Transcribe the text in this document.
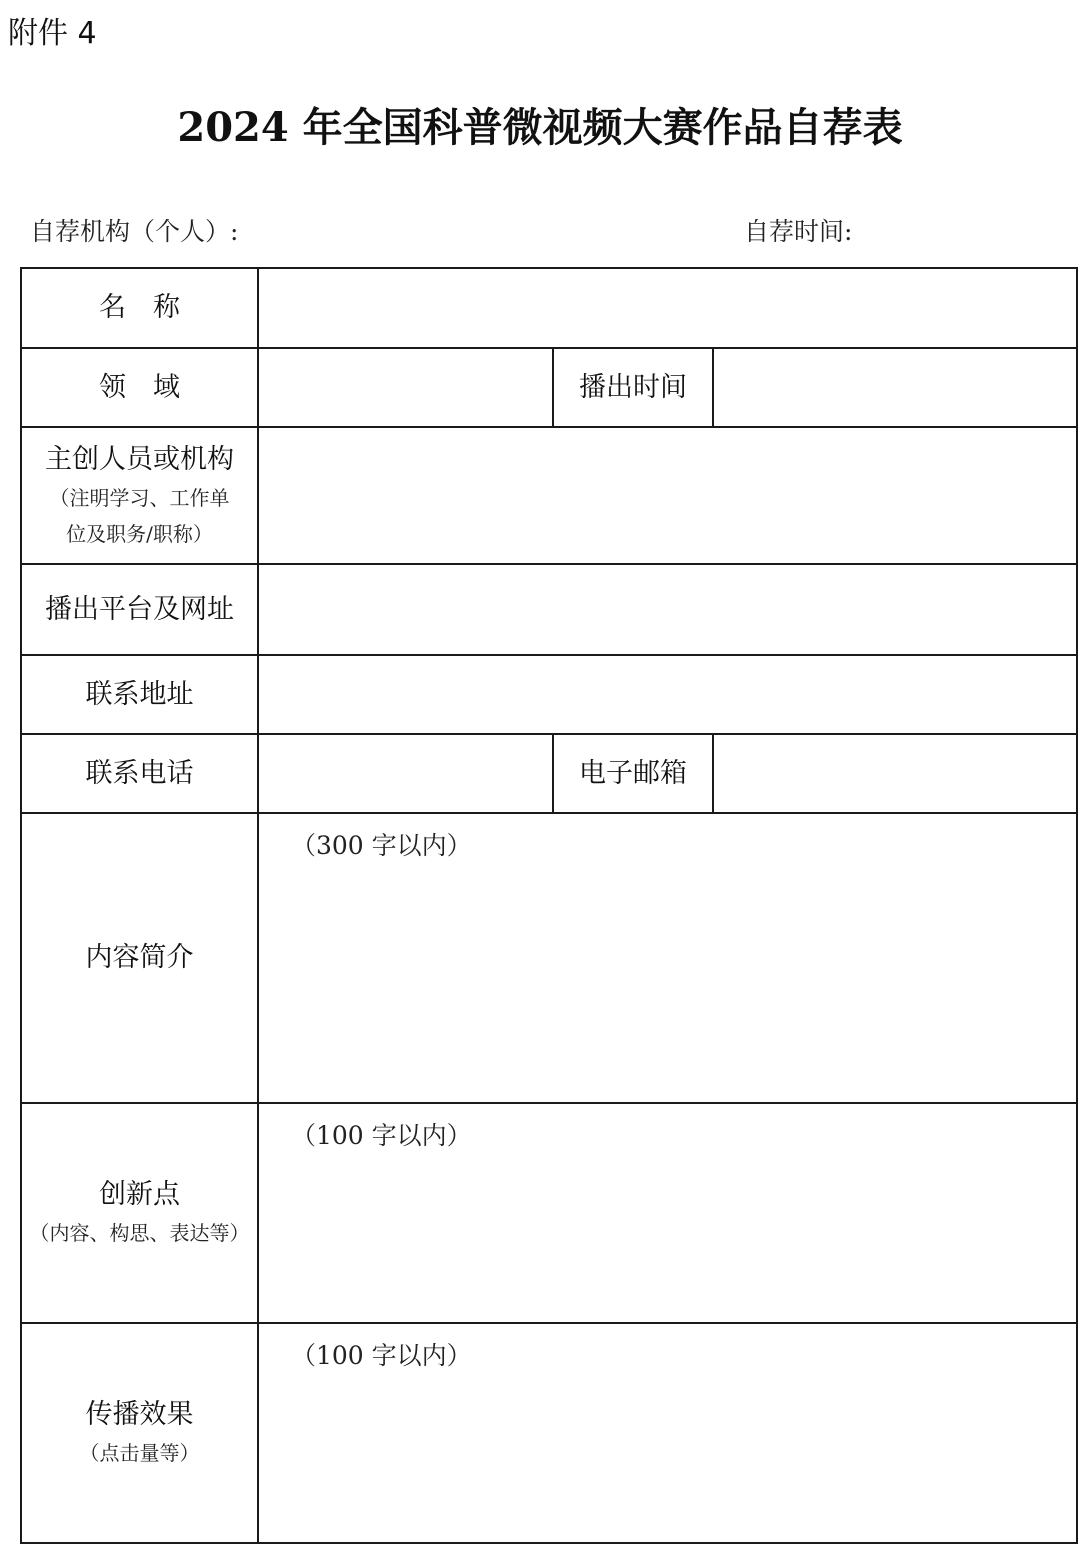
附件 4
2024 年全国科普微视频大赛作品自荐表
自荐机构（个人）:	自荐时间:
名　称			

领　域		播出时间	

主创人员或机构
（注明学习、工作单
位及职务/职称）			

播出平台及网址			

联系地址			

联系电话		电子邮箱	

内容简介	（300 字以内）		

创新点
（内容、构思、表达等）	（100 字以内）		

传播效果
（点击量等）	（100 字以内）		
